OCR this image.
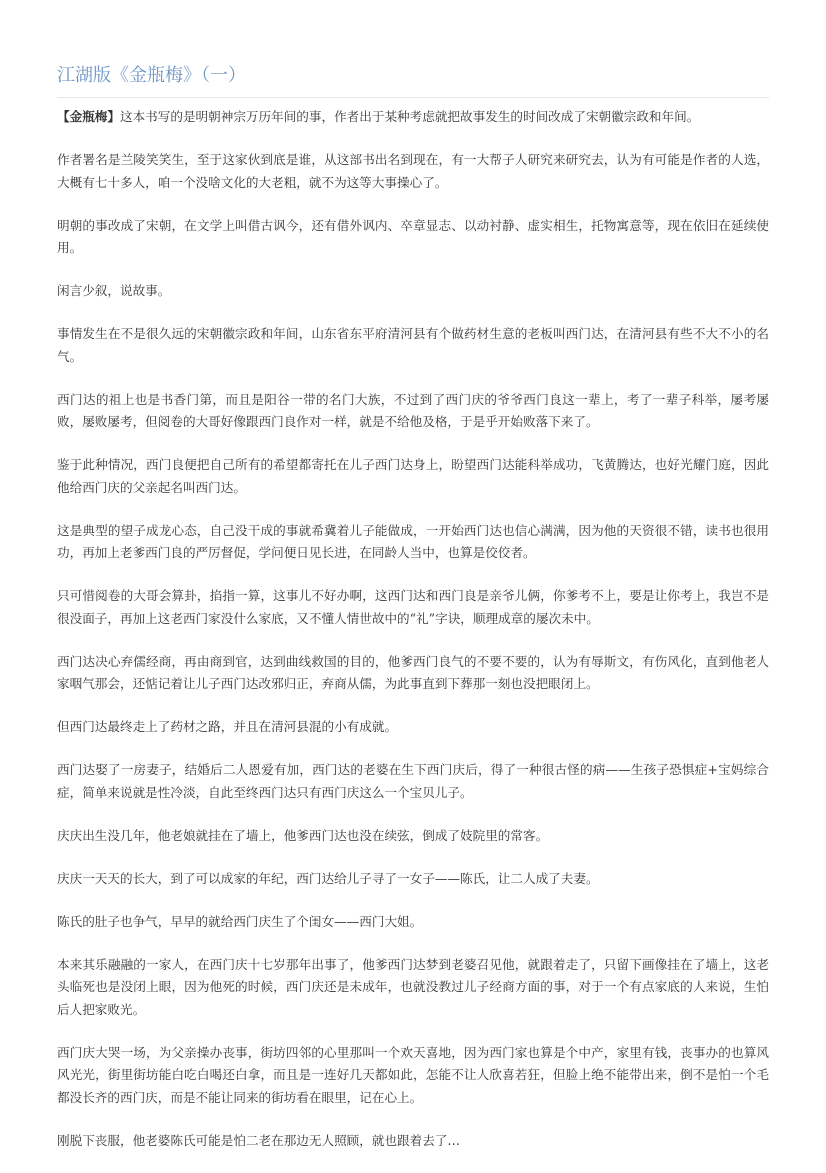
江湖版《金瓶梅》（一）

【金瓶梅】这本书写的是明朝神宗万历年间的事，作者出于某种考虑就把故事发生的时间改成了宋朝徽宗政和年间。

作者署名是兰陵笑笑生，至于这家伙到底是谁，从这部书出名到现在，有一大帮子人研究来研究去，认为有可能是作者的人选，大概有七十多人，咱一个没啥文化的大老粗，就不为这等大事操心了。

明朝的事改成了宋朝，在文学上叫借古讽今，还有借外讽内、卒章显志、以动衬静、虚实相生，托物寓意等，现在依旧在延续使用。

闲言少叙，说故事。

事情发生在不是很久远的宋朝徽宗政和年间，山东省东平府清河县有个做药材生意的老板叫西门达，在清河县有些不大不小的名气。

西门达的祖上也是书香门第，而且是阳谷一带的名门大族，不过到了西门庆的爷爷西门良这一辈上，考了一辈子科举，屡考屡败，屡败屡考，但阅卷的大哥好像跟西门良作对一样，就是不给他及格，于是乎开始败落下来了。

鉴于此种情况，西门良便把自己所有的希望都寄托在儿子西门达身上，盼望西门达能科举成功，飞黄腾达，也好光耀门庭，因此他给西门庆的父亲起名叫西门达。

这是典型的望子成龙心态，自己没干成的事就希冀着儿子能做成，一开始西门达也信心满满，因为他的天资很不错，读书也很用功，再加上老爹西门良的严厉督促，学问便日见长进，在同龄人当中，也算是佼佼者。

只可惜阅卷的大哥会算卦，掐指一算，这事儿不好办啊，这西门达和西门良是亲爷儿俩，你爹考不上，要是让你考上，我岂不是很没面子，再加上这老西门家没什么家底，又不懂人情世故中的“礼”字诀，顺理成章的屡次未中。

西门达决心弃儒经商，再由商到官，达到曲线救国的目的，他爹西门良气的不要不要的，认为有辱斯文，有伤风化，直到他老人家咽气那会，还惦记着让儿子西门达改邪归正，弃商从儒，为此事直到下葬那一刻也没把眼闭上。

但西门达最终走上了药材之路，并且在清河县混的小有成就。

西门达娶了一房妻子，结婚后二人恩爱有加，西门达的老婆在生下西门庆后，得了一种很古怪的病——生孩子恐惧症+宝妈综合症，简单来说就是性冷淡，自此至终西门达只有西门庆这么一个宝贝儿子。

庆庆出生没几年，他老娘就挂在了墙上，他爹西门达也没在续弦，倒成了妓院里的常客。

庆庆一天天的长大，到了可以成家的年纪，西门达给儿子寻了一女子——陈氏，让二人成了夫妻。

陈氏的肚子也争气，早早的就给西门庆生了个闺女——西门大姐。

本来其乐融融的一家人，在西门庆十七岁那年出事了，他爹西门达梦到老婆召见他，就跟着走了，只留下画像挂在了墙上，这老头临死也是没闭上眼，因为他死的时候，西门庆还是未成年，也就没教过儿子经商方面的事，对于一个有点家底的人来说，生怕后人把家败光。

西门庆大哭一场，为父亲操办丧事，街坊四邻的心里那叫一个欢天喜地，因为西门家也算是个中产，家里有钱，丧事办的也算风风光光，街里街坊能白吃白喝还白拿，而且是一连好几天都如此，怎能不让人欣喜若狂，但脸上绝不能带出来，倒不是怕一个毛都没长齐的西门庆，而是不能让同来的街坊看在眼里，记在心上。

刚脱下丧服，他老婆陈氏可能是怕二老在那边无人照顾，就也跟着去了…
